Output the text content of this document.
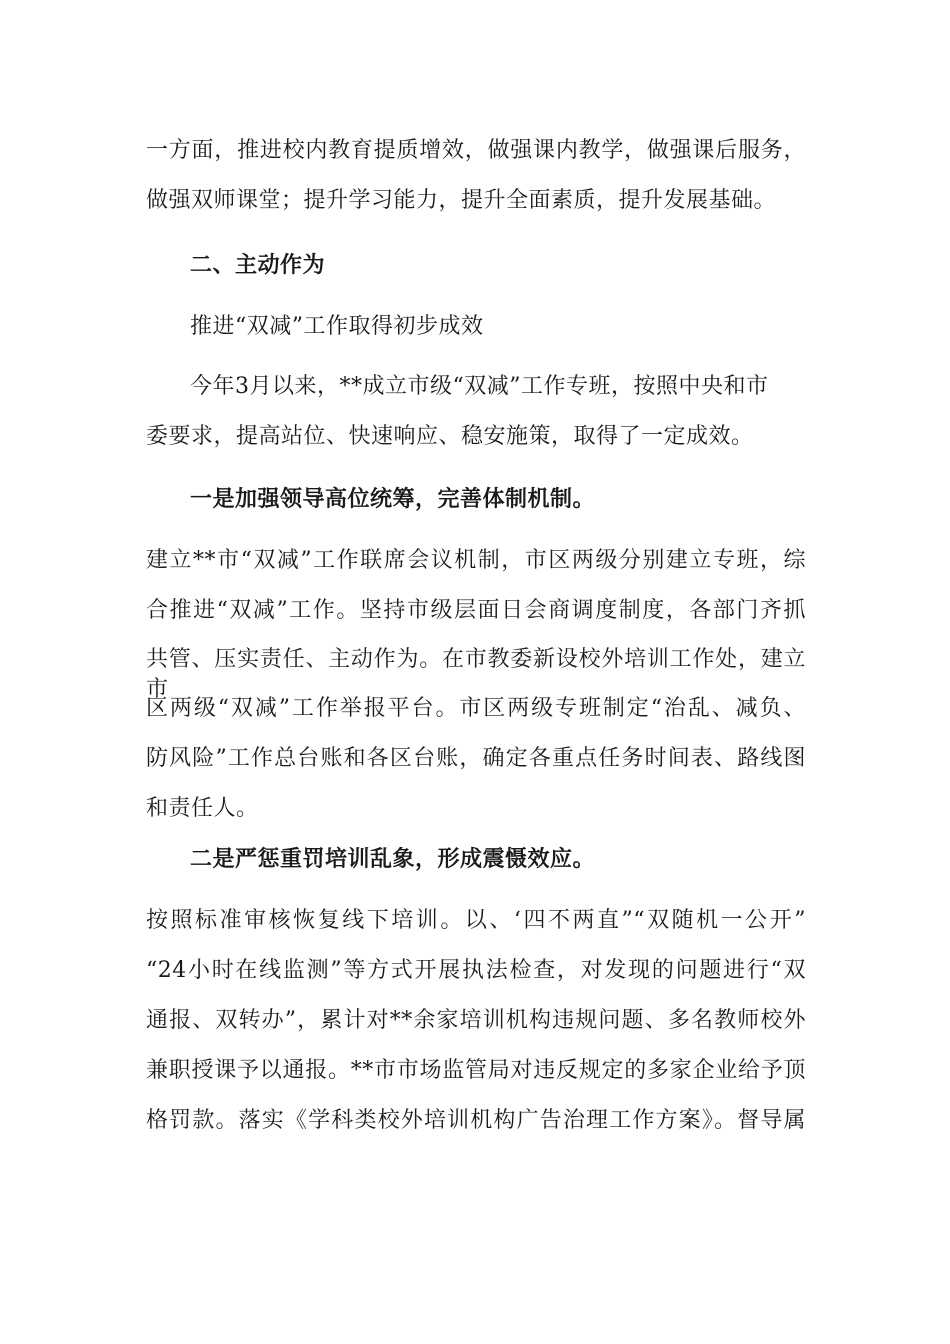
一方面，推进校内教育提质增效，做强课内教学，做强课后服务，
做强双师课堂；提升学习能力，提升全面素质，提升发展基础。
二、主动作为
推进“双减”工作取得初步成效
今年3月以来，**成立市级“双减”工作专班，按照中央和市
委要求，提高站位、快速响应、稳安施策，取得了一定成效。
一是加强领导高位统筹，完善体制机制。
建立**市“双减”工作联席会议机制，市区两级分别建立专班，综
合推进“双减”工作。坚持市级层面日会商调度制度，各部门齐抓
共管、压实责任、主动作为。在市教委新设校外培训工作处，建立市
区两级“双减”工作举报平台。市区两级专班制定“治乱、减负、
防风险”工作总台账和各区台账，确定各重点任务时间表、路线图
和责任人。
二是严惩重罚培训乱象，形成震慑效应。
按照标准审核恢复线下培训。以、‘四不两直”“双随机一公开”
“24小时在线监测”等方式开展执法检查，对发现的问题进行“双
通报、双转办”，累计对**余家培训机构违规问题、多名教师校外
兼职授课予以通报。**市市场监管局对违反规定的多家企业给予顶
格罚款。落实《学科类校外培训机构广告治理工作方案》。督导属
